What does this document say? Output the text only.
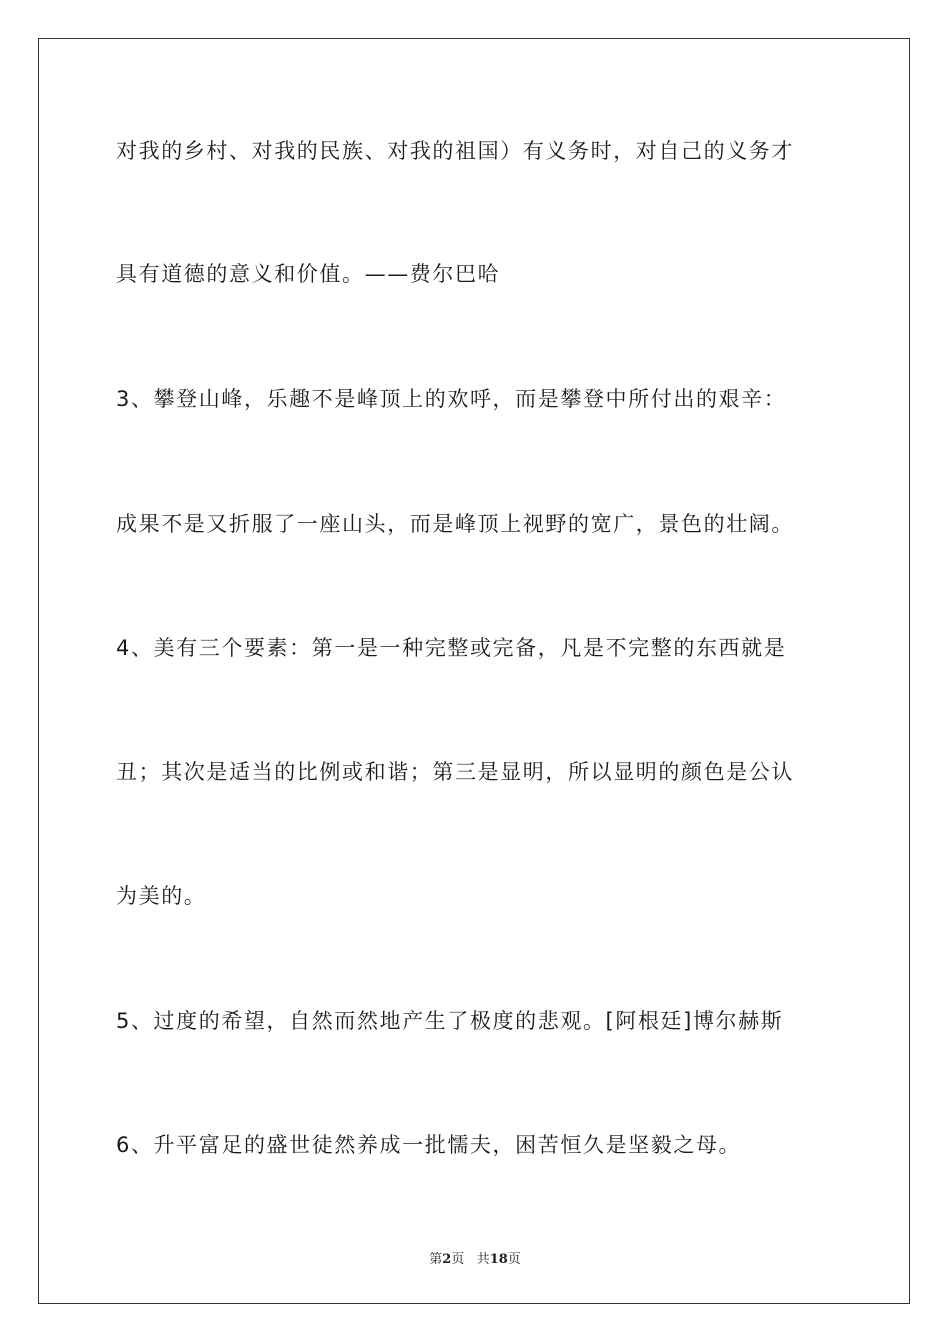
对我的乡村、对我的民族、对我的祖国）有义务时，对自己的义务才
具有道德的意义和价值。——费尔巴哈
3、攀登山峰，乐趣不是峰顶上的欢呼，而是攀登中所付出的艰辛：
成果不是又折服了一座山头，而是峰顶上视野的宽广，景色的壮阔。
4、美有三个要素：第一是一种完整或完备，凡是不完整的东西就是
丑；其次是适当的比例或和谐；第三是显明，所以显明的颜色是公认
为美的。
5、过度的希望，自然而然地产生了极度的悲观。[阿根廷]博尔赫斯
6、升平富足的盛世徒然养成一批懦夫，困苦恒久是坚毅之母。
第2页 共18页
